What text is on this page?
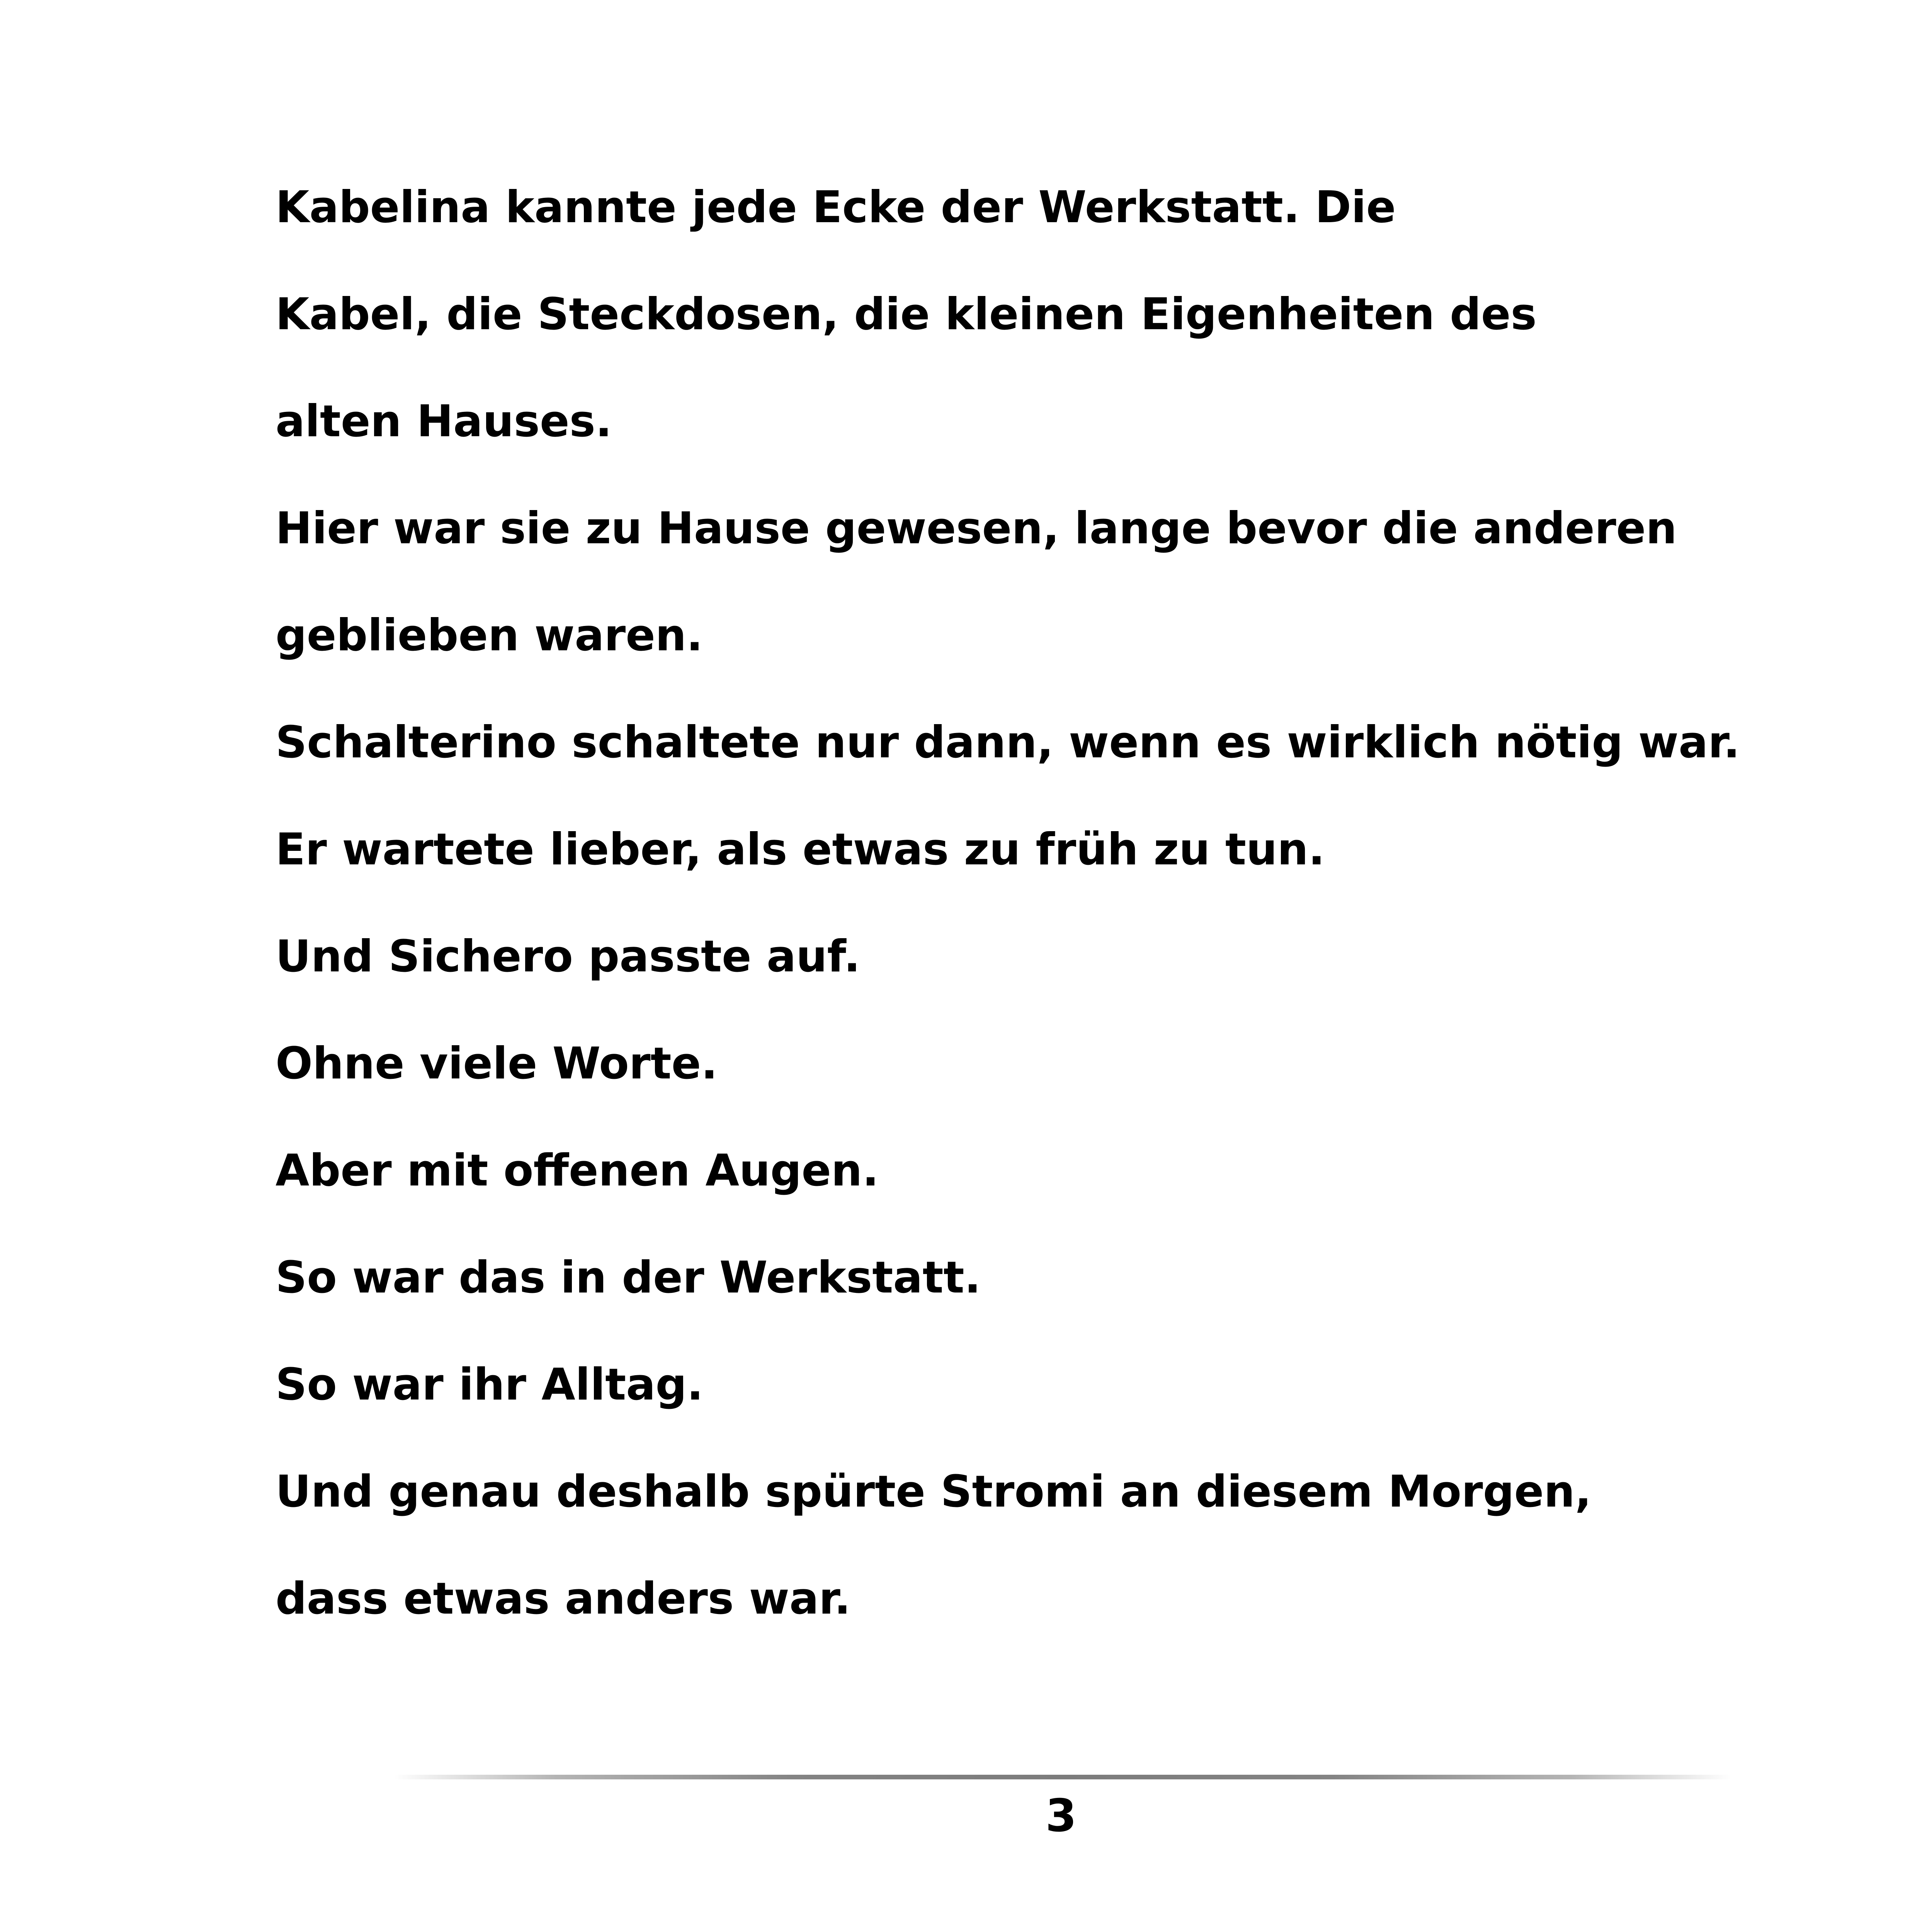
Kabelina kannte jede Ecke der Werkstatt. Die
Kabel, die Steckdosen, die kleinen Eigenheiten des
alten Hauses.
Hier war sie zu Hause gewesen, lange bevor die anderen
geblieben waren.
Schalterino schaltete nur dann, wenn es wirklich nötig war.
Er wartete lieber, als etwas zu früh zu tun.
Und Sichero passte auf.
Ohne viele Worte.
Aber mit offenen Augen.
So war das in der Werkstatt.
So war ihr Alltag.
Und genau deshalb spürte Stromi an diesem Morgen,
dass etwas anders war.
3
